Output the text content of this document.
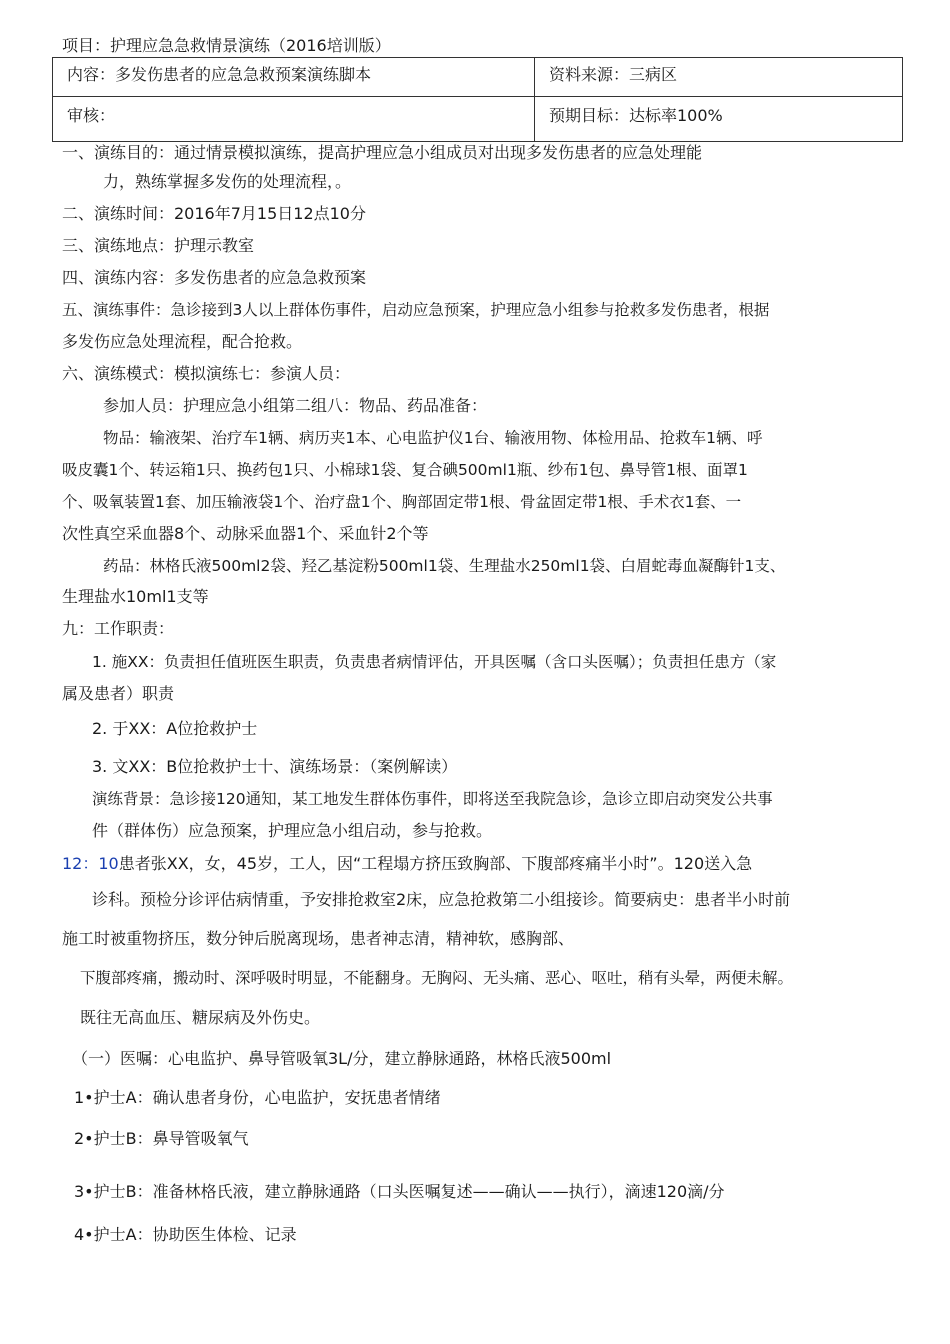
项目：护理应急急救情景演练（2016培训版）
内容：多发伤患者的应急急救预案演练脚本	资料来源：三病区
审核：	预期目标：达标率100%
一、演练目的：通过情景模拟演练，提高护理应急小组成员对出现多发伤患者的应急处理能
力，熟练掌握多发伤的处理流程，。
二、演练时间：2016年7月15日12点10分
三、演练地点：护理示教室
四、演练内容：多发伤患者的应急急救预案
五、演练事件：急诊接到3人以上群体伤事件，启动应急预案，护理应急小组参与抢救多发伤患者，根据
多发伤应急处理流程，配合抢救。
六、演练模式：模拟演练七：参演人员：
参加人员：护理应急小组第二组八：物品、药品准备：
物品：输液架、治疗车1辆、病历夹1本、心电监护仪1台、输液用物、体检用品、抢救车1辆、呼
吸皮囊1个、转运箱1只、换药包1只、小棉球1袋、复合碘500ml1瓶、纱布1包、鼻导管1根、面罩1
个、吸氧装置1套、加压输液袋1个、治疗盘1个、胸部固定带1根、骨盆固定带1根、手术衣1套、一
次性真空采血器8个、动脉采血器1个、采血针2个等
药品：林格氏液500ml2袋、羟乙基淀粉500ml1袋、生理盐水250ml1袋、白眉蛇毒血凝酶针1支、
生理盐水10ml1支等
九：工作职责：
1. 施XX：负责担任值班医生职责，负责患者病情评估，开具医嘱（含口头医嘱）；负责担任患方（家
属及患者）职责
2. 于XX：A位抢救护士
3. 文XX：B位抢救护士十、演练场景：（案例解读）
演练背景：急诊接120通知，某工地发生群体伤事件，即将送至我院急诊，急诊立即启动突发公共事
件（群体伤）应急预案，护理应急小组启动，参与抢救。
12：10患者张XX，女，45岁，工人，因“工程塌方挤压致胸部、下腹部疼痛半小时”。120送入急
诊科。预检分诊评估病情重，予安排抢救室2床，应急抢救第二小组接诊。简要病史：患者半小时前
施工时被重物挤压，数分钟后脱离现场，患者神志清，精神软，感胸部、
下腹部疼痛，搬动时、深呼吸时明显，不能翻身。无胸闷、无头痛、恶心、呕吐，稍有头晕，两便未解。
既往无高血压、糖尿病及外伤史。
（一）医嘱：心电监护、鼻导管吸氧3L/分，建立静脉通路，林格氏液500ml
1•护士A：确认患者身份，心电监护，安抚患者情绪
2•护士B：鼻导管吸氧气
3•护士B：准备林格氏液，建立静脉通路（口头医嘱复述——确认——执行），滴速120滴/分
4•护士A：协助医生体检、记录
